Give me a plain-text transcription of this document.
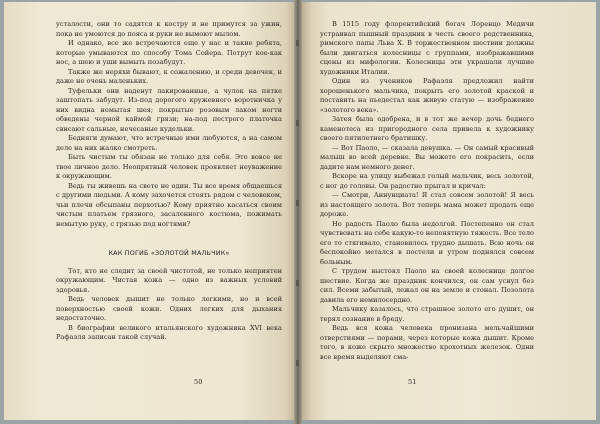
усталости, они то садятся к костру и не примутся за ужин, пока не умоются до пояса и руки не вымоют мылом.

И однако, все же встречаются еще у нас и такие ребята, которые умываются по способу Тома Сойера. Потрут кое-как нос, а шею и уши вымыть позабудут.

Также же неряхи бывают, к сожалению, и среди девочек, и даже не очень маленьких.

Туфельки они наденут лакированные, а чулок на пятке заштопать забудут. Из-под дорогого кружевного воротничка у них видна немытая шея; покрытые розовым лаком ногти обведены черной каймой грязи; на-под пестрого платочка свисают сальные, нечесаные кудельки.

Бедняги думают, что встречные ими любуются, а на самом деле на них жалко смотреть.

Быть чистым ты обязан не только для себя. Это вовсе не твое личное дело. Неопрятный человек проявляет неуважение к окружающим.

Ведь ты живешь на свете не один. Ты все время общаешься с другими людьми. А кому захочется стоять рядом с человеком, чьи плечи обсыпаны перхотью? Кому приятно касаться своим чистым платьем грязного, засаленного костюма, пожимать немытую руку, с грязью под ногтями?

КАК ПОГИБ «ЗОЛОТОЙ МАЛЬЧИК»

Тот, кто не следит за своей чистотой, не только неприятен окружающим. Чистая кожа — одно из важных условий здоровья.

Ведь человек дышит не только легкими, но и всей поверхностью своей кожи. Одних легких для дыхания недостаточно.

В биографии великого итальянского художника XVI века Рафаэля записан такой случай.

50

В 1515 году флорентийский богач Лоренцо Медичи устраивал пышный праздник в честь своего родственника, римского папы Льва X. В торжественном шествии должны были двигаться колесницы с группами, изображавшими сцены из мифологии. Колесницы эти украшали лучшие художники Италии.

Один из учеников Рафаэля предложил найти хорошенького мальчика, покрыть его золотой краской и поставить на пьедестал как живую статую — изображение «золотого века».

Затея была одобрена, и в тот же вечер дочь бедного каменотеса из пригородного села привела к художнику своего пятилетнего братишку.

— Вот Паоло, — сказала девушка. — Он самый красивый малыш во всей деревне. Вы можете его покрасить, если дадите нам немного денег.

Вскоре на улицу выбежал голый мальчик, весь золотой, с ног до головы. Он радостно прыгал и кричал:

— Смотри, Аннунциата! Я стал совсем золотой! Я весь из настоящего золота. Вот теперь мама может продать еще дороже.

Но радость Паоло была недолгой. Постепенно он стал чувствовать на себе какую-то непонятную тяжесть. Все тело его то стягивало, становилось трудно дышать. Всю ночь он беспокойно метался в постели и утром поднялся совсем больным.

С трудом выстоял Паоло на своей колеснице долгое шествие. Когда же праздник кончился, он сам уснул без сил. Всеми забытый, лежал он на земле и стонал. Позолота давила его немилосердно.

Мальчику казалось, что страшное золото его душит, он терял сознание в бреду.

Ведь вся кожа человека пронизана мельчайшими отверстиями — порами, через которые кожа дышит. Кроме того, в коже скрыто множество крохотных железок. Одни все время выделяют сма-

51
